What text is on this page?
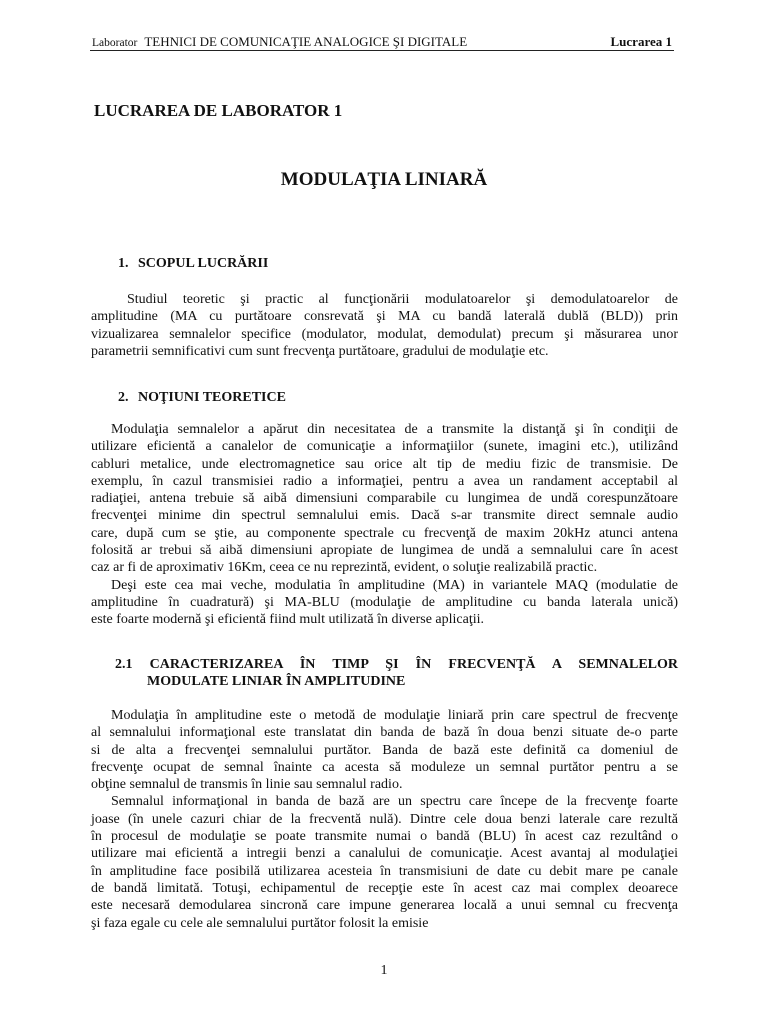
Laborator TEHNICI DE COMUNICAŢIE ANALOGICE ŞI DIGITALE	Lucrarea 1
LUCRAREA DE LABORATOR 1
MODULAŢIA LINIARĂ
1. SCOPUL LUCRĂRII
Studiul teoretic şi practic al funcţionării modulatoarelor şi demodulatoarelor de
amplitudine (MA cu purtătoare consrevată şi MA cu bandă laterală dublă (BLD)) prin
vizualizarea semnalelor specifice (modulator, modulat, demodulat) precum şi măsurarea unor
parametrii semnificativi cum sunt frecvenţa purtătoare, gradului de modulaţie etc.
2. NOŢIUNI TEORETICE
Modulaţia semnalelor a apărut din necesitatea de a transmite la distanţă şi în condiţii de
utilizare eficientă a canalelor de comunicaţie a informaţiilor (sunete, imagini etc.), utilizând
cabluri metalice, unde electromagnetice sau orice alt tip de mediu fizic de transmisie. De
exemplu, în cazul transmisiei radio a informaţiei, pentru a avea un randament acceptabil al
radiaţiei, antena trebuie să aibă dimensiuni comparabile cu lungimea de undă corespunzătoare
frecvenţei minime din spectrul semnalului emis. Dacă s-ar transmite direct semnale audio
care, după cum se ştie, au componente spectrale cu frecvenţă de maxim 20kHz atunci antena
folosită ar trebui să aibă dimensiuni apropiate de lungimea de undă a semnalului care în acest
caz ar fi de aproximativ 16Km, ceea ce nu reprezintă, evident, o soluţie realizabilă practic.
Deşi este cea mai veche, modulatia în amplitudine (MA) in variantele MAQ (modulatie de
amplitudine în cuadratură) şi MA-BLU (modulaţie de amplitudine cu banda laterala unică)
este foarte modernă şi eficientă fiind mult utilizată în diverse aplicaţii.
2.1 CARACTERIZAREA ÎN TIMP ŞI ÎN FRECVENŢĂ A SEMNALELOR
MODULATE LINIAR ÎN AMPLITUDINE
Modulaţia în amplitudine este o metodă de modulaţie liniară prin care spectrul de frecvenţe
al semnalului informaţional este translatat din banda de bază în doua benzi situate de-o parte
si de alta a frecvenţei semnalului purtător. Banda de bază este definită ca domeniul de
frecvenţe ocupat de semnal înainte ca acesta să moduleze un semnal purtător pentru a se
obţine semnalul de transmis în linie sau semnalul radio.
Semnalul informaţional in banda de bază are un spectru care începe de la frecvenţe foarte
joase (în unele cazuri chiar de la frecventă nulă). Dintre cele doua benzi laterale care rezultă
în procesul de modulaţie se poate transmite numai o bandă (BLU) în acest caz rezultând o
utilizare mai eficientă a intregii benzi a canalului de comunicaţie. Acest avantaj al modulaţiei
în amplitudine face posibilă utilizarea acesteia în transmisiuni de date cu debit mare pe canale
de bandă limitată. Totuşi, echipamentul de recepţie este în acest caz mai complex deoarece
este necesară demodularea sincronă care impune generarea locală a unui semnal cu frecvenţa
şi faza egale cu cele ale semnalului purtător folosit la emisie
1
